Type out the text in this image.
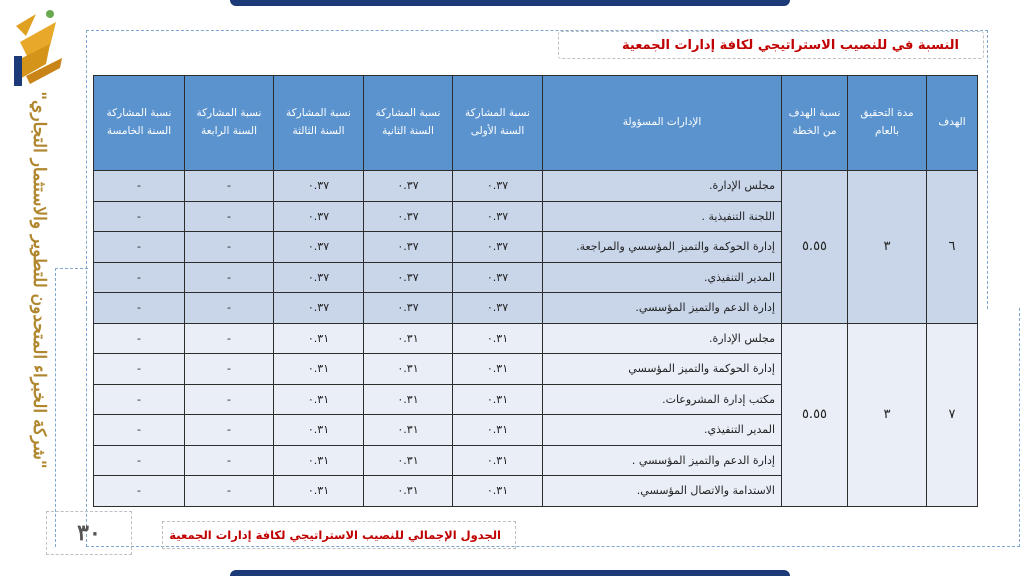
"شركة الخبراء المتحدون للتطوير والاستثمار التجاري"
النسبة في للنصيب الاستراتيجي لكافة إدارات الجمعية
الهدف	مدة التحقيق بالعام	نسبة الهدف من الخطة	الإدارات المسؤولة	نسبة المشاركة السنة الأولى	نسبة المشاركة السنة الثانية	نسبة المشاركة السنة الثالثة	نسبة المشاركة السنة الرابعة	نسبة المشاركة السنة الخامسة
٦	٣	٥.٥٥	مجلس الإدارة.	٠.٣٧	٠.٣٧	٠.٣٧	-	-
			اللجنة التنفيذية .	٠.٣٧	٠.٣٧	٠.٣٧	-	-
			إدارة الحوكمة والتميز المؤسسي والمراجعة.	٠.٣٧	٠.٣٧	٠.٣٧	-	-
			المدير التنفيذي.	٠.٣٧	٠.٣٧	٠.٣٧	-	-
			إدارة الدعم والتميز المؤسسي.	٠.٣٧	٠.٣٧	٠.٣٧	-	-
٧	٣	٥.٥٥	مجلس الإدارة.	٠.٣١	٠.٣١	٠.٣١	-	-
			إدارة الحوكمة والتميز المؤسسي	٠.٣١	٠.٣١	٠.٣١	-	-
			مكتب إدارة المشروعات.	٠.٣١	٠.٣١	٠.٣١	-	-
			المدير التنفيذي.	٠.٣١	٠.٣١	٠.٣١	-	-
			إدارة الدعم والتميز المؤسسي .	٠.٣١	٠.٣١	٠.٣١	-	-
			الاستدامة والاتصال المؤسسي.	٠.٣١	٠.٣١	٠.٣١	-	-
٣٠	الجدول الإجمالي للنصيب الاستراتيجي لكافة إدارات الجمعية
